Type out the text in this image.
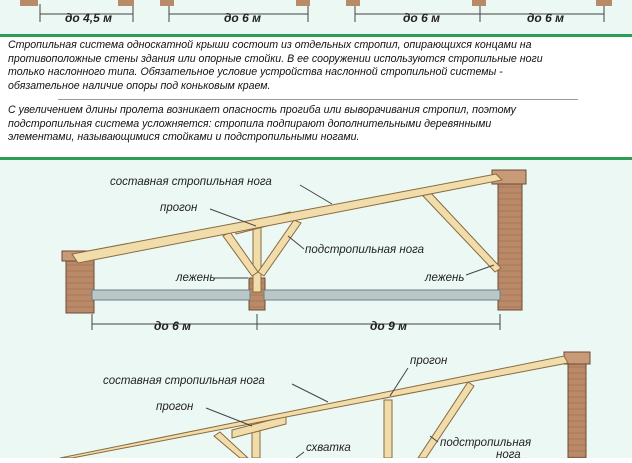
до 4,5 м	до 6 м	до 6 м	до 6 м

Стропильная система односкатной крыши состоит из отдельных стропил, опирающихся концами на

противоположные стены здания или опорные стойки. В ее сооружении используются стропильные ноги

только наслонного типа. Обязательное условие устройства наслонной стропильной системы -

обязательное наличие опоры под коньковым краем.

С увеличением длины пролета возникает опасность прогиба или выворачивания стропил, поэтому

подстропильная система усложняется: стропила подпирают дополнительными деревянными

элементами, называющимися стойками и подстропильными ногами.

составная стропильная нога
прогон
подстропильная нога
лежень	лежень
до 6 м	до 9 м
прогон
составная стропильная нога
прогон
схватка	подстропильная
нога
